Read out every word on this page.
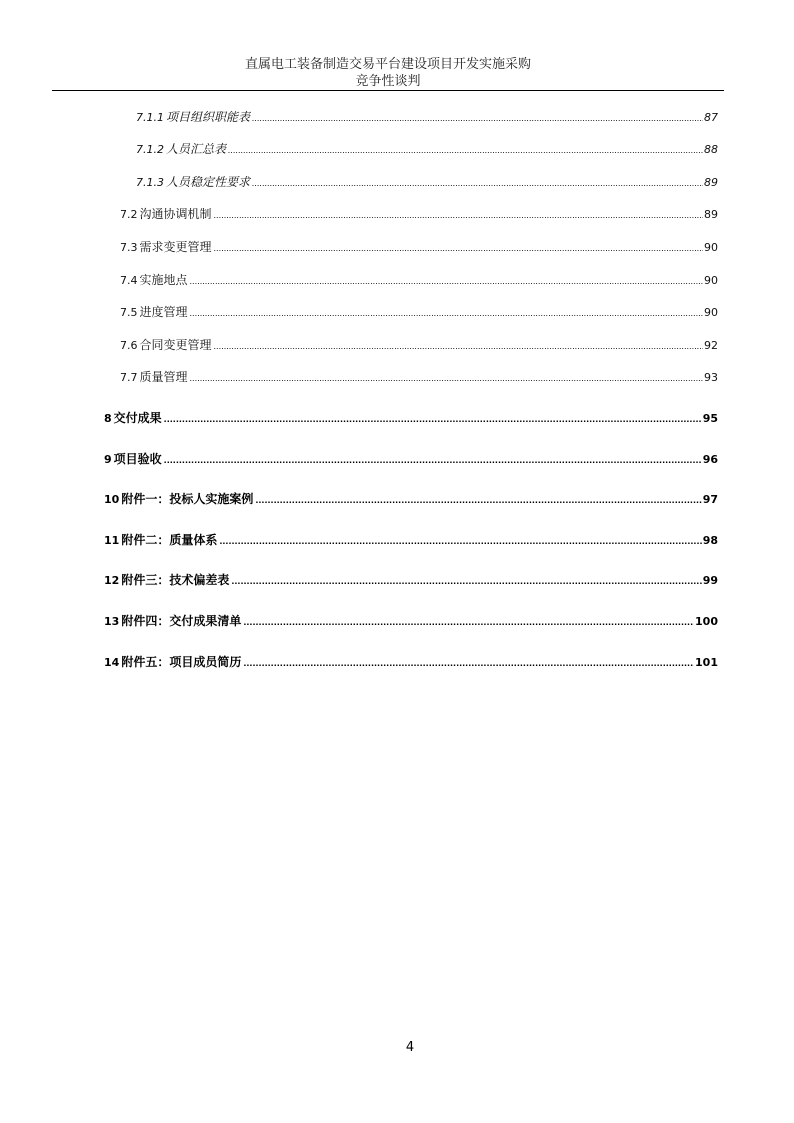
直属电工装备制造交易平台建设项目开发实施采购
竞争性谈判
7.1.1 项目组织职能表 .....	87
7.1.2 人员汇总表 .....	88
7.1.3 人员稳定性要求 .....	89
7.2 沟通协调机制 .....	89
7.3 需求变更管理 .....	90
7.4 实施地点 .....	90
7.5 进度管理 .....	90
7.6 合同变更管理 .....	92
7.7 质量管理 .....	93
8 交付成果 .....	95
9 项目验收 .....	96
10 附件一：投标人实施案例 .....	97
11 附件二：质量体系 .....	98
12 附件三：技术偏差表 .....	99
13 附件四：交付成果清单 .....	100
14 附件五：项目成员简历 .....	101
4
